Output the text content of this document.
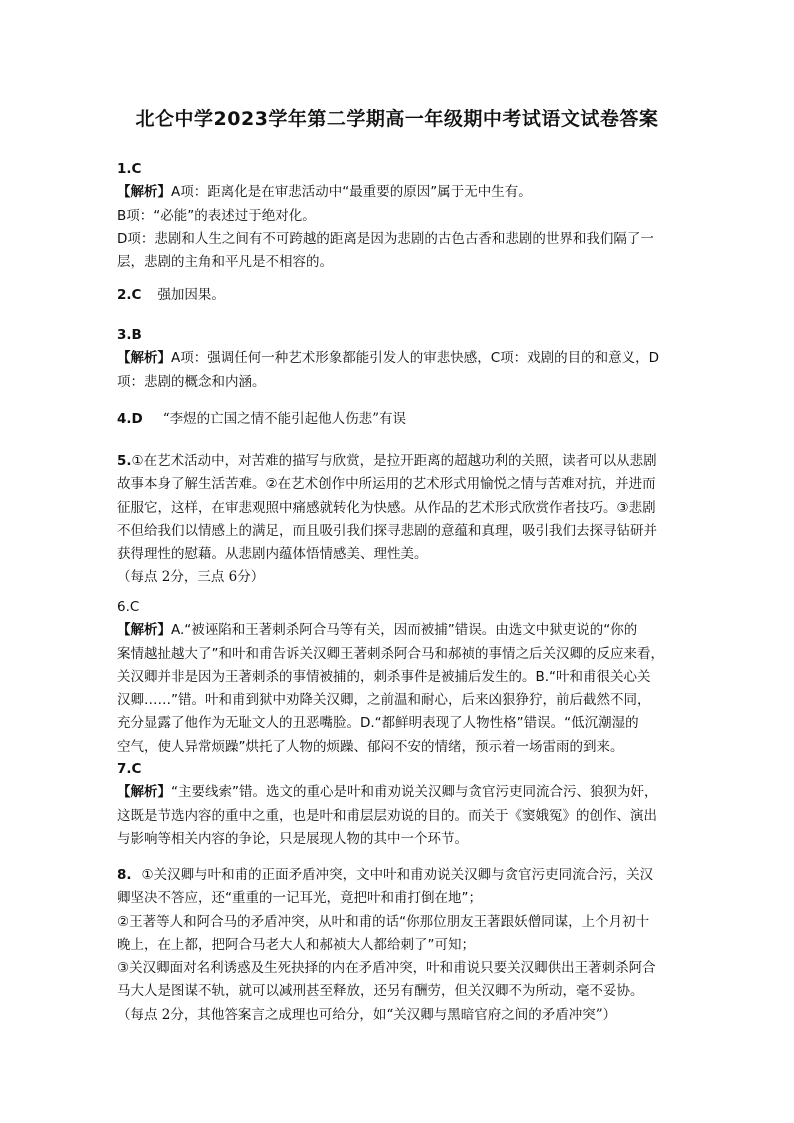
北仑中学2023学年第二学期高一年级期中考试语文试卷答案
1.C
【解析】A项：距离化是在审悲活动中“最重要的原因”属于无中生有。
B项：“必能”的表述过于绝对化。
D项：悲剧和人生之间有不可跨越的距离是因为悲剧的古色古香和悲剧的世界和我们隔了一
层，悲剧的主角和平凡是不相容的。
2.C 强加因果。
3.B
【解析】A项：强调任何一种艺术形象都能引发人的审悲快感，C项：戏剧的目的和意义，D
项：悲剧的概念和内涵。
4.D “李煜的亡国之情不能引起他人伤悲”有误
5.①在艺术活动中，对苦难的描写与欣赏，是拉开距离的超越功利的关照，读者可以从悲剧
故事本身了解生活苦难。②在艺术创作中所运用的艺术形式用愉悦之情与苦难对抗，并进而
征服它，这样，在审悲观照中痛感就转化为快感。从作品的艺术形式欣赏作者技巧。③悲剧
不但给我们以情感上的满足，而且吸引我们探寻悲剧的意蕴和真理，吸引我们去探寻钻研并
获得理性的慰藉。从悲剧内蕴体悟情感美、理性美。
（每点 2分，三点 6分）
6.C
【解析】A.“被诬陷和王著刺杀阿合马等有关，因而被捕”错误。由选文中狱吏说的“你的
案情越扯越大了”和叶和甫告诉关汉卿王著刺杀阿合马和郝祯的事情之后关汉卿的反应来看，
关汉卿并非是因为王著刺杀的事情被捕的，刺杀事件是被捕后发生的。B.“叶和甫很关心关
汉卿……”错。叶和甫到狱中劝降关汉卿，之前温和耐心，后来凶狠狰狞，前后截然不同，
充分显露了他作为无耻文人的丑恶嘴脸。D.“都鲜明表现了人物性格”错误。“低沉潮湿的
空气，使人异常烦躁”烘托了人物的烦躁、郁闷不安的情绪，预示着一场雷雨的到来。
7.C
【解析】“主要线索”错。选文的重心是叶和甫劝说关汉卿与贪官污吏同流合污、狼狈为奸，
这既是节选内容的重中之重，也是叶和甫层层劝说的目的。而关于《窦娥冤》的创作、演出
与影响等相关内容的争论，只是展现人物的其中一个环节。
8. ①关汉卿与叶和甫的正面矛盾冲突，文中叶和甫劝说关汉卿与贪官污吏同流合污，关汉
卿坚决不答应，还“重重的一记耳光，竟把叶和甫打倒在地”；
②王著等人和阿合马的矛盾冲突，从叶和甫的话“你那位朋友王著跟妖僧同谋，上个月初十
晚上，在上都，把阿合马老大人和郝祯大人都给刺了”可知；
③关汉卿面对名利诱惑及生死抉择的内在矛盾冲突，叶和甫说只要关汉卿供出王著刺杀阿合
马大人是图谋不轨，就可以减刑甚至释放，还另有酬劳，但关汉卿不为所动，毫不妥协。
（每点 2分，其他答案言之成理也可给分，如“关汉卿与黑暗官府之间的矛盾冲突”）
